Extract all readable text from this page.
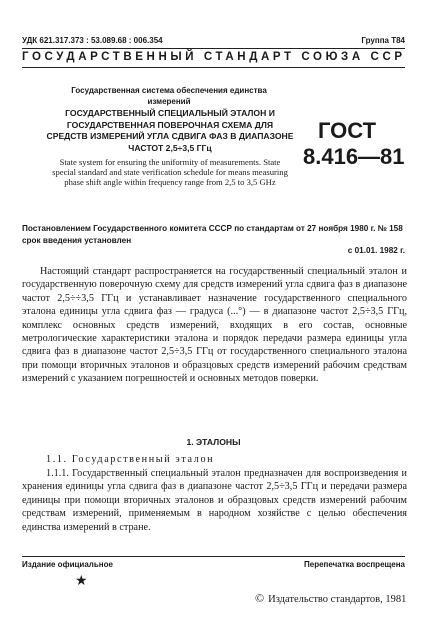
УДК 621.317.373 : 53.089.68 : 006.354	Группа Т84
ГОСУДАРСТВЕННЫЙ СТАНДАРТ СОЮЗА ССР
Государственная система обеспечения единства измерений
ГОСУДАРСТВЕННЫЙ СПЕЦИАЛЬНЫЙ ЭТАЛОН И ГОСУДАРСТВЕННАЯ ПОВЕРОЧНАЯ СХЕМА ДЛЯ СРЕДСТВ ИЗМЕРЕНИЙ УГЛА СДВИГА ФАЗ В ДИАПАЗОНЕ ЧАСТОТ 2,5÷3,5 ГГц
ГОСТ
8.416—81
State system for ensuring the uniformity of measurements. State special standard and state verification schedule for means measuring phase shift angle within frequency range from 2,5 to 3,5 GHz
Постановлением Государственного комитета СССР по стандартам от 27 ноября 1980 г. № 158 срок введения установлен
с 01.01. 1982 г.
Настоящий стандарт распространяется на государственный специальный эталон и государственную поверочную схему для средств измерений угла сдвига фаз в диапазоне частот 2,5÷÷3,5 ГГц и устанавливает назначение государственного специального эталона единицы угла сдвига фаз — градуса (...°) — в диапазоне частот 2,5÷3,5 ГГц, комплекс основных средств измерений, входящих в его состав, основные метрологические характеристики эталона и порядок передачи размера единицы угла сдвига фаз в диапазоне частот 2,5÷3,5 ГГц от государственного специального эталона при помощи вторичных эталонов и образцовых средств измерений рабочим средствам измерений с указанием погрешностей и основных методов поверки.
1. ЭТАЛОНЫ
1.1. Государственный эталон
1.1.1. Государственный специальный эталон предназначен для воспроизведения и хранения единицы угла сдвига фаз в диапазоне частот 2,5÷3,5 ГГц и передачи размера единицы при помощи вторичных эталонов и образцовых средств измерений рабочим средствам измерений, применяемым в народном хозяйстве с целью обеспечения единства измерений в стране.
Издание официальное	Перепечатка воспрещена
★
© Издательство стандартов, 1981
